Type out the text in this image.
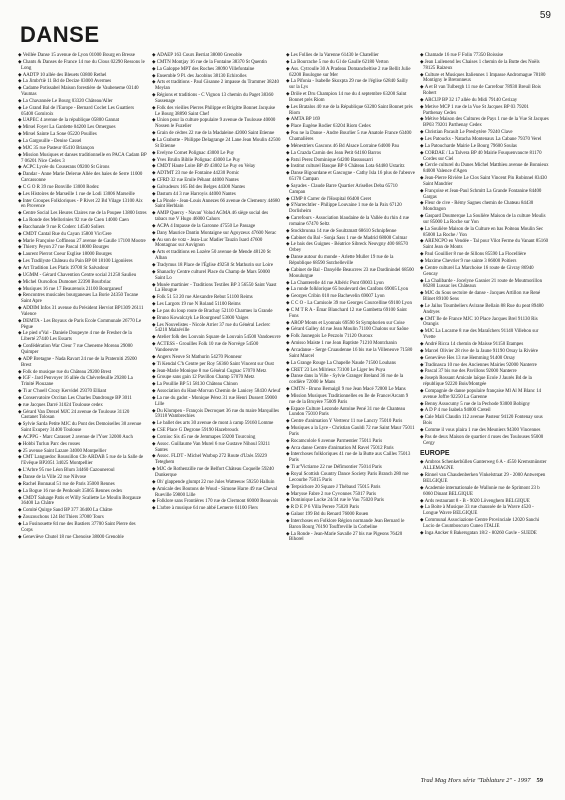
59
DANSE
◆ Veillée Danse 15 avenue de Lyon 01000 Bourg en Bresse
◆ Chants & Danses de France 14 rue du Clous 02290 Ressons le Long
◆ AADTP 10 allée des Bleuets 03800 Rethel
◆ La Jimbr'tiè 11 Bd de Decize 03000 Avermes
◆ Cadame Potissabel Maison forestière de Vaubeneme 03140 Vaumas
◆ La Chavannée Le Bourg 03320 Château/Aller
◆ Le Grand Bal de l'Europe - Bernard Coclet Les Guattiers 05400 Gomiroix
◆ UAPEC 4 avenue de la république 05800 Gannat
◆ Mirsel Foyer La Gardette 04200 Les Omergues
◆ Mirsel Sainte La Sone 05220 Pouilles
◆ La Gargouille - Denise Cassel
◆ MJC 35 rue Pasteur 05410 Briançon
◆ Mission Musiques et danses traditionnelle en PACA Cadam BP 7 06201 Nice Cedex 3
◆ ACPC Lycée du Couserans 09200 St Girons
◆ Dandar - Anne Marie Delerue Allée des haies de Serre 11000 Carcassonne
◆ C G O R 39 rue Bonville 13000 Rodez
◆ Les Histoires de Marseille 1 rue de Lodi 13006 Marseille
◆ Inter Groupes Folkloriques - P Rivet 22 Bd Vilage 13100 Aix en Provence
◆ Centre Social Les Heures Claires rue de la Poupee 13800 Istres
◆ La Ronde des Mellorinies 92 rue de Caen 14000 Caen
◆ Bacchanale 9 rue R Coderc 14540 Soliers
◆ CMDT Cantal Rue du Cayan 15800 Vic/Cere
◆ Marie Françoise Coffineau 27 avenue de Gaulle 17100 Mootre
◆ Thierry Peyon 27 rue Pascal 18000 Bourges
◆ Laurent Pierrot Coeur Esglise 18000 Bourges
◆ Les Tradilyste Château du Pain BP 08 18100 Ligonières
◆ Art Tradition Les Platis 19700 St Salvadour
◆ UGMM - Gérard Chavention Centre social 21250 Saulieu
◆ Michel Oursollou Dumonet 22390 Bourbriac
◆ Musiques 16 rue 17 Beaurenois 21100 Bourganeuf
◆ Rencontres musicales bourganeues La Borie 24350 Tocane Saint Apre
◆ ADDIM Infos 31 avenue du Président Herviot BP1309 26111 Valence
◆ DEMTA - Les Boyaux de Paris Ecole Communale 26770 Le Pègue
◆ Le pied o'Val - Daniele Doupeyre 4 rue de Fresher de la Liberté 27440 Les Essarts
◆ Confédération War Cleur 7 rue Cheneme Moreau 29000 Quimper
◆ ADP Bretagne - Nada Ravart 24 rue de la Praterniti 29200 Brest
◆ Folk de musique rue du Château 29200 Brest
◆ IGF - Jard Penvoyer 16 allée du Chévrefeuille 29280 La Trinité Plouzane
◆ Ti ar C'hoell Crozy Kervidel 29370 Elliant
◆ Conservatoire Occitan Les Charles Dandrouge BP 3011
◆ rue Jacques Darré 31024 Toulouse cedex
◆ Gérard Van Drezel MJC 24 avenue de Toulouse 31120 Castanet Tolosan
◆ Sylvie Sarda Petite MJC du Pont des Demoiselles 30 avenue Saint Exupery 31400 Toulouse
◆ ACPPG - Marc Carasset 2 avenue de l'Yser 32000 Auch
◆ Hobbi Turlun Parc des rosses
◆ 25 avenue Saint Lazare 34000 Montpellier
◆ CMT Languedoc Roussillon Cfe ARDAB 5 rue de la Salle de l'Evêque BP2051 34025 Montpellier
◆ L'Arbre 95 rue Léon Blum 34460 Cazouneroul
◆ Danse de la Ville 22 rue Nilvose
◆ Rachel Bonnaud 51 rue de Paris 35000 Rennes
◆ La Bogue 16 rue de Penhouët 35065 Rennes cedex
◆ CMDT Saluage Patis et Willy Scaliette Le Moulin Borgauze 36400 La Châtre
◆ Comité Quirge Sand BP 377 36400 La Châtre
◆ Zouzouchons 124 Bd Thiers 37000 Tours
◆ La Fusinouette 84 rue des Bastiers 37700 Saint Pierre des Corps
◆ Geneviève Chutel 18 rue Chenoise 38000 Grenoble
◆ ADAEP 163 Cours Berriat 38000 Grenoble
◆ CMTN Montjay 16 rue de la Fontaine 38370 St Quentin
◆ La Galoppe MPT des Roches 38090 Villefontaine
◆ Ensemble 9 Pl. des Jacobins 38130 Echirolles
◆ Arts et traditions - Paul Gisanne 2 impasse du Trammer 38240 Meylan
◆ Régions et traditions - C Vignon 13 chemin du Paget 38360 Sassenage
◆ Folk des vieilles Pierres Philippe et Brigitte Bonnet Jacquise Le Bourg 38890 Saint Chef
◆ Union pour la culture populaire 9 avenue de Toulouse 40000 Nossen le Fuzelier
◆ Grain de cèdres 22 rue de la Madaleine 42000 Saint Etienne
◆ La Grabotte - Philippe Delagrange 24 Lane Jean Moulin 42500 St Etienne
◆ Evelyne Cornet Polignac 43000 Le Puy
◆ Yves Brulin Biblie Polignac 43000 Le Puy
◆ CMDT Haute Loire BP 49 43002 Le Puy en Velay
◆ ADTMT 23 rue de Fontaine 44230 Pornic
◆ CFRD 32 rue Emile Péhant 44000 Nantes
◆ Galvadeurs 165 Bd des Belges 44300 Nantes
◆ Dastum 44 3 rue Harroyis 44000 Nantes
◆ La Pinole - Jean-Louis Annezes 66 avenue de Clemenry 44680 Saint Herblain
◆ AMIP Quercy - Navan' Volud AGMA 46 siège social des tabacs rue V Hugo 46000 Cahors
◆ ACPA 4 Impasse de la Garonne 47550 Le Passage
◆ Dany Maurice Dantin Montaigne sur Agoyzeux 47600 Nerac
◆ Au son de votz - Jean-Luc Madier Tauzin Isard 47600 Montagnac sur Auvignon
◆ Arts et traditions en Lozère 50 avenue de Mende 48120 St Alban
◆ Tradymus 18 Place de l'Église 49250 St Mathurin sur Loire
◆ Shanachy Centre culturel Place du Champ de Mars 50000 Saint Lo
◆ Musée martinier - Traditions Textiles BP 3 56550 Saint Vaast La Hougue
◆ Folk 51 53 20 rue Alexandre Rebut 51100 Reims
◆ Les Largots 19 rue N Roland 51100 Reims
◆ Le pas du loup route de Brachay 52110 Charmes la Grande
◆ Bruno Kowalczyk Le Bourgneuf 53600 Vaiges
◆ Les Nouvelistes - Nicole Arrier 37 rue du Général Leclerc 54210 Malzéville
◆ Atelier folk des Louvain Square de Louvain 54500 Vandoeuvre
◆ ACTESS - Grouilles Folk 10 rue de Norvège 54500 Vandoeuvre
◆ Angers Neuve St Mathurin 54270 Pionneur
◆ Ti Kendal C'h Centre per Roy 56360 Saint Vincent sur Oust
◆ Jean-Marie Monique 8 rue Général Cugnac 57070 Metz
◆ Groupe sans gain 12 Pavillon Champ 57070 Metz
◆ La Pouillie BP 51 58130 Château Chinon
◆ Association du Haut-Morvan Chemin de Lanicey 58430 Arleuf
◆ La rue du gadot - Monique Pérez 31 rue Henri Dussert 59000 Lille
◆ Du Klompen - François Decroquet 36 rue du maire Marquilles 59118 Wambrechies
◆ Le ballet des arts 30 avenue de mont à camp 59160 Lomme
◆ CSE Place G Degrone 59190 Hazebrouck
◆ Cornioc Sis 45 rue de Jemmapes 59200 Tourcoing
◆ Assoc. Guillaume Van Murel 6 rue Gustave Nihoul 59211 Santes
◆ Assoc. FLDT - Michel Warbup 272 Route d'Uzès 59229 Teteghem
◆ MJC de Rothenzille rue de Belfort Château Coquelle 59240 Dunkerque
◆ Oh' glappende glumpt 22 rue Jules Watteeuw 59250 Halluin
◆ Amicale des Boutons de Woud - Simone Harre 49 rue Cheval Rueville 59800 Lille
◆ Folklore sans Frontières 170 rue de Clermont 60000 Beauvais
◆ L'arbre à musique 64 rue abbé Lemerre 61100 Flers
◆ Les Follies de la Varenne 61430 le Chatellier
◆ La Bourrache 5 rue du Gl de Gaulle 62180 Verton
◆ Ass. Cytroulle 30 A Pradeau Domancheltise 2 rue Bellit Julie 62200 Boulogne sur Mer
◆ La Pifonia - Isabelle Skoxpta 29 rue de l'église 62840 Sailly sur la Lys
◆ Drôle et Dru Champion 14 rue du 4 septembre 63200 Saint Bonnet près Riom
◆ Les Bratalos 40 rue de la République 63200 Saint Bonnet près Riom
◆ AMTA BP 169
◆ Place Eugène Rodier 63204 Riom Cedex
◆ Pou ne la Danse - Andre Bourlier 5 rue Anatole France 63400 Chamalières
◆ Ménestriers Gascons 46 Bd Alsace Lorraine 64000 Pau
◆ La Crazda Carnin des Jean Petit 64160 Barros
◆ Patxi Perez Dominique 64200 Bassussarri
◆ Institut culturel Basque BP 6 Château Lota 64480 Ustaritz
◆ Danse Bigourdane et Gascogne - Cathy Isla 16 plus de l'abeuve 65170 Campan
◆ Sayades - Claude Barre Quartier Ariselles Deba 65710 Campan
◆ CIMP 8 Carrer de l'Hospital 66400 Ceret
◆ S'Narrechtler - Philippe Louvaine 1 rue de la Paix 67120 Dorlisheim
◆ Carrefours - Association blaudaine de la Vallée du rhin 4 rue romaine 67470 Seltz
◆ Stockbrunna 14 rue de Soultzmatt 68610 Schnipfenne
◆ Cabinet du Bal - Sonja Sass 1 rue de Madrid 68000 Colmar
◆ Le bais des Guignes - Béatrice Sibreck Neuvgny 400 68570 Orbey
◆ Danse autour du monde - Arlette Muller 19 rue de la République 68590 Sutchelleville
◆ Cabinet de Bal - Danyèlle Beaucrew 23 rue Dardinindel 68500 Mooulurgue
◆ La Chanterelle 44 rue Albéric Pont 69003 Lyon
◆ La ronde folklorique 65 boulevard des Canfons 69005 Lyon
◆ Georges Cribin 010 rue Bachevelin 69007 Lyon
◆ C C O - La Camisole 39 rue Georges Courcelline 69100 Lyon
◆ C M T R A - Émar Blanchard 12 rue Gambetta 69100 Saint Fons
◆ AROP Monts et Lyonnais 69590 St Symphorien sur Coise
◆ Gérard Galley 44 rue Jean Moulin 71100 Chalons sur Saône
◆ Folk Jaunegois Le Pezzolo 71120 Ouroux
◆ Amisso Maiste 1 rue Jean Baptiste 71210 Montchanin
◆ Arcadanse - Serge Cruaudenne 16 bis rue la Villeneuve 71580 Saint Marcel
◆ La Grange Rouge La Chapelle Naude 71500 Louhans
◆ CRET 23 Les Milrieux 73100 Le Liger les Puya
◆ Danse dans la Ville - Sylvie Granger Breland 36 rue de la cordière 72000 le Mans
◆ CMTN - Bruno Bernaigil 9 rue Jean Macé 72000 Le Mans
◆ Mission Musiques Traditionnelles en Ile de France/Arcam 9 rue de la Bruyère 75009 Paris
◆ Espace Culture Lezonde Antoine Pené 31 rue de Chanteau Lundon 75010 Paris
◆ Centre d'animation Y Vertrenr 11 rue Lancry 75010 Paris
◆ Musiques a la Lyre - Christian Gauldi 72 rue Saint Maur 75011 Paris
◆ Rocamcolole 6 avenue Parmentier 75011 Paris
◆ Arca danse Centre d'animation M Ravel 75012 Paris
◆ Interchoses folkloriques 41 rue de la Butte aux Cailles 75013 Paris
◆ Ti ar'Victiarne 22 rue Défimontier 75014 Paris
◆ Royal Scottish Country Dance Society Paris Branch 280 rue Lecourbe 75015 Paris
◆ Terpsichore 20 Square J Thébaud 75015 Paris
◆ Marysse Fabre 2 rue Cyvonnes 75017 Paris
◆ Dominique Lucke 24/34 rue le Vau 75020 Paris
◆ R D E P 6 Villa Perere 75020 Paris
◆ Galaor 199 Bd du Renard 76000 Rouen
◆ Interchoses en Folklore Région normande Jean Bernard le Baron Bourg 76190 Touffreville la Corbeline
◆ La Ronde - Jean-Marie Savalle 27 bis rue Pigeons 76420 Bihorel
◆ Chamade 16 rue F Folin 77350 Boissise
◆ Jean Luilenend les Chaises 1 chemin de la Butte des Noëls 78125 Raizeux
◆ Culture et Musiques Italiennes 1 Impasse Andromague 78180 Montigny le Bretonneux
◆ A et B van Tulbergh 11 rue de Carrefour 78930 Breuil Bois Robert
◆ ARCUP BP 32 17 allée du Midi 79140 Cerizay
◆ Metive MCP 1 rue de la Vue St Jacques BP 03 79201 Parthenay Cedex
◆ Métive Maison des Cultures de Pays 1 rue de la Vue St Jacques BP03 79201 Parthenay Cedex
◆ Christian Pacault Le Presbytère 79240 Clave
◆ Les Patoucks - Natacha Montenaux La Cabane 79370 Verel
◆ La Patoucharde Mairie Le Bourg 79600 Soulas
◆ CORDAE / La Talvera BP 40 Mairie Fouquenvaucre 81170 Cordes sur Ciel
◆ Cercle culturel du Dunes Michel Matthieu avenue de Bonnieux 84000 Valence d'Agen
◆ Jean-Pierre Rivière Le Clos Saint Vincent Pin Robinnel 83430 Saint Mandrier
◆ Françoise et Jean-Paul Schmitt La Grande Fontanine 84400 Gargas
◆ Fleur de cive - Rémy Sagnes chemin de Chateau 84430 Mondragon
◆ Gaspard Doumerque La Soulière Maison de la culture Moulis sur 85000 La Roche sur Yon
◆ La Soulière Maison de la Culture en bas Poiteau Moulin Sec 85000 La Roche / Yon
◆ ARENCPO en Vendée - Tal pour Vilot Ferme du Vanant 85160 Saint Jean de Monts
◆ Paul Gouillier 8 rue de Sillons 85590 La Flocellière
◆ Maxime Chevrier 9 rue sainte 3 86000 Poitiers
◆ Centre culturel La Marchoise 16 route de Givray 86940 Gencay
◆ La Chalibarde - Jocelyne Gasnier 21 route de Moutmorillon 86280 Lussac les Châteaux
◆ MJC du Sous sectoire de danse - Jacques Artillon rue René Blinet 89100 Sens
◆ Le Jailus Toumbeliers Avirane Bellain 88 Rue du peat 89480 Andryes
◆ CMT Ile de France MJC 10 Place Jacques Brel 91130 Ris Orangis
◆ MJC La Lucarne 8 rue des Maraîchers 91140 Villebon sur Yvette
◆ André Ricca 14 chemin de Maisse 91150 Etampes
◆ Marcel Olivier 28 rive de la Jaune 91190 Orsay la Rivière
◆ Geneviève Hes 13 rue Hemming 91400 Orsay
◆ Tradinasca 10 rue des Anciennes Mairies 92000 Nanterre
◆ Pascal 37 bis rue des Pavillons 92000 Nanterre
◆ Joseph Rossant Amicale laïque Ecole J Jaurès Bd de la république 92220 Bois/Montgée
◆ Compagnie de danse populaire française Ml Al M Blanc 14 avenue Joffre 92250 La Garenne
◆ Benny Assocumy 5 rue de la Pechode 93000 Bobigny
◆ A D P 4 rue Isabela 94000 Creteil
◆ Cale Mali Claudin 112 avenue Pasteur 94120 Fontenay sous Bois
◆ Comme il vous plaira 1 rue des Meuniers 94300 Vincennes
◆ Pas de deux Maison de quartier 4 ruses des Toulouses 95000 Cergy
EUROPE
◆ Ambros Schenkerbüllen Ganterweg 6 A - 4550 Kremsmünster ALLEMAGNE
◆ Rinnel van Chaudenberken Vinkelstraat 29 - 2000 Antwerpen BELGIQUE
◆ Academie internationale de Wallonie rue de Sprimont 23 b 6060 Dinant BELGIQUE
◆ Ards restaurant 8 - B - 9020 Lövenghem BELGIQUE
◆ La Boite à Musique 33 rue chaussée de la Wavre 4520 - Longue Wavre BELGIQUE
◆ Communal Associazione Centre Provinciale 12020 Sanchi Lucio de Coumboscuro Cuneo ITALIE
◆ Inga Ancker 8 Bakersgatan 18/2 - 80260 Gavle - SUEDE
Trad Mag Hors série "Tablature 2" - 1997 59
